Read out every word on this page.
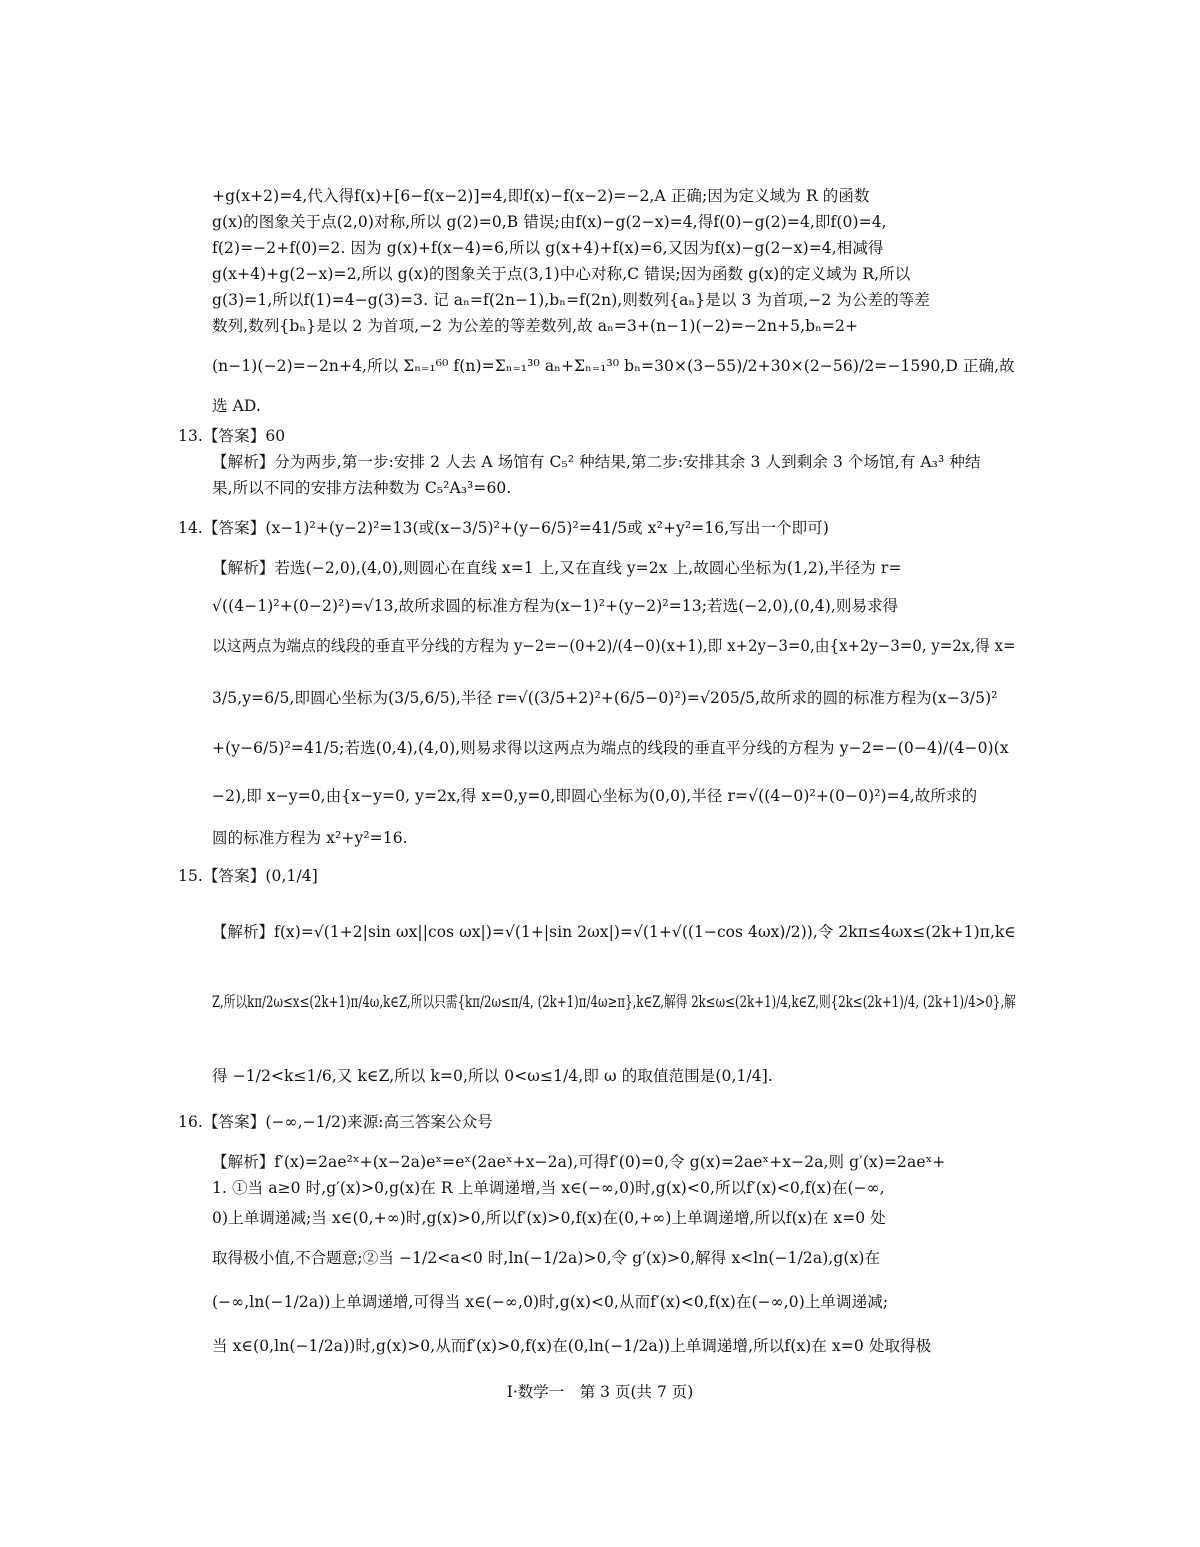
+g(x+2)=4,代入得f(x)+[6−f(x−2)]=4,即f(x)−f(x−2)=−2,A 正确;因为定义域为 R 的函数
g(x)的图象关于点(2,0)对称,所以 g(2)=0,B 错误;由f(x)−g(2−x)=4,得f(0)−g(2)=4,即f(0)=4,
f(2)=−2+f(0)=2. 因为 g(x)+f(x−4)=6,所以 g(x+4)+f(x)=6,又因为f(x)−g(2−x)=4,相减得
g(x+4)+g(2−x)=2,所以 g(x)的图象关于点(3,1)中心对称,C 错误;因为函数 g(x)的定义域为 R,所以
g(3)=1,所以f(1)=4−g(3)=3. 记 aₙ=f(2n−1),bₙ=f(2n),则数列{aₙ}是以 3 为首项,−2 为公差的等差
数列,数列{bₙ}是以 2 为首项,−2 为公差的等差数列,故 aₙ=3+(n−1)(−2)=−2n+5,bₙ=2+
(n−1)(−2)=−2n+4,所以 Σₙ₌₁⁶⁰ f(n)=Σₙ₌₁³⁰ aₙ+Σₙ₌₁³⁰ bₙ=30×(3−55)/2+30×(2−56)/2=−1590,D 正确,故
选 AD.
13.【答案】60
【解析】分为两步,第一步:安排 2 人去 A 场馆有 C₅² 种结果,第二步:安排其余 3 人到剩余 3 个场馆,有 A₃³ 种结
果,所以不同的安排方法种数为 C₅²A₃³=60.
14.【答案】(x−1)²+(y−2)²=13(或(x−3/5)²+(y−6/5)²=41/5或 x²+y²=16,写出一个即可)
【解析】若选(−2,0),(4,0),则圆心在直线 x=1 上,又在直线 y=2x 上,故圆心坐标为(1,2),半径为 r=
√((4−1)²+(0−2)²)=√13,故所求圆的标准方程为(x−1)²+(y−2)²=13;若选(−2,0),(0,4),则易求得
以这两点为端点的线段的垂直平分线的方程为 y−2=−(0+2)/(4−0)(x+1),即 x+2y−3=0,由{x+2y−3=0, y=2x,得 x=
3/5,y=6/5,即圆心坐标为(3/5,6/5),半径 r=√((3/5+2)²+(6/5−0)²)=√205/5,故所求的圆的标准方程为(x−3/5)²
+(y−6/5)²=41/5;若选(0,4),(4,0),则易求得以这两点为端点的线段的垂直平分线的方程为 y−2=−(0−4)/(4−0)(x
−2),即 x−y=0,由{x−y=0, y=2x,得 x=0,y=0,即圆心坐标为(0,0),半径 r=√((4−0)²+(0−0)²)=4,故所求的
圆的标准方程为 x²+y²=16.
15.【答案】(0,1/4]
【解析】f(x)=√(1+2|sin ωx||cos ωx|)=√(1+|sin 2ωx|)=√(1+√((1−cos 4ωx)/2)),令 2kπ≤4ωx≤(2k+1)π,k∈
Z,所以kπ/2ω≤x≤(2k+1)π/4ω,k∈Z,所以只需{kπ/2ω≤π/4, (2k+1)π/4ω≥π},k∈Z,解得 2k≤ω≤(2k+1)/4,k∈Z,则{2k≤(2k+1)/4, (2k+1)/4>0},解
得 −1/2<k≤1/6,又 k∈Z,所以 k=0,所以 0<ω≤1/4,即 ω 的取值范围是(0,1/4].
16.【答案】(−∞,−1/2)来源:高三答案公众号
【解析】f′(x)=2ae²ˣ+(x−2a)eˣ=eˣ(2aeˣ+x−2a),可得f′(0)=0,令 g(x)=2aeˣ+x−2a,则 g′(x)=2aeˣ+
1. ①当 a≥0 时,g′(x)>0,g(x)在 R 上单调递增,当 x∈(−∞,0)时,g(x)<0,所以f′(x)<0,f(x)在(−∞,
0)上单调递减;当 x∈(0,+∞)时,g(x)>0,所以f′(x)>0,f(x)在(0,+∞)上单调递增,所以f(x)在 x=0 处
取得极小值,不合题意;②当 −1/2<a<0 时,ln(−1/2a)>0,令 g′(x)>0,解得 x<ln(−1/2a),g(x)在
(−∞,ln(−1/2a))上单调递增,可得当 x∈(−∞,0)时,g(x)<0,从而f′(x)<0,f(x)在(−∞,0)上单调递减;
当 x∈(0,ln(−1/2a))时,g(x)>0,从而f′(x)>0,f(x)在(0,ln(−1/2a))上单调递增,所以f(x)在 x=0 处取得极
Ⅰ·数学一　第 3 页(共 7 页)
